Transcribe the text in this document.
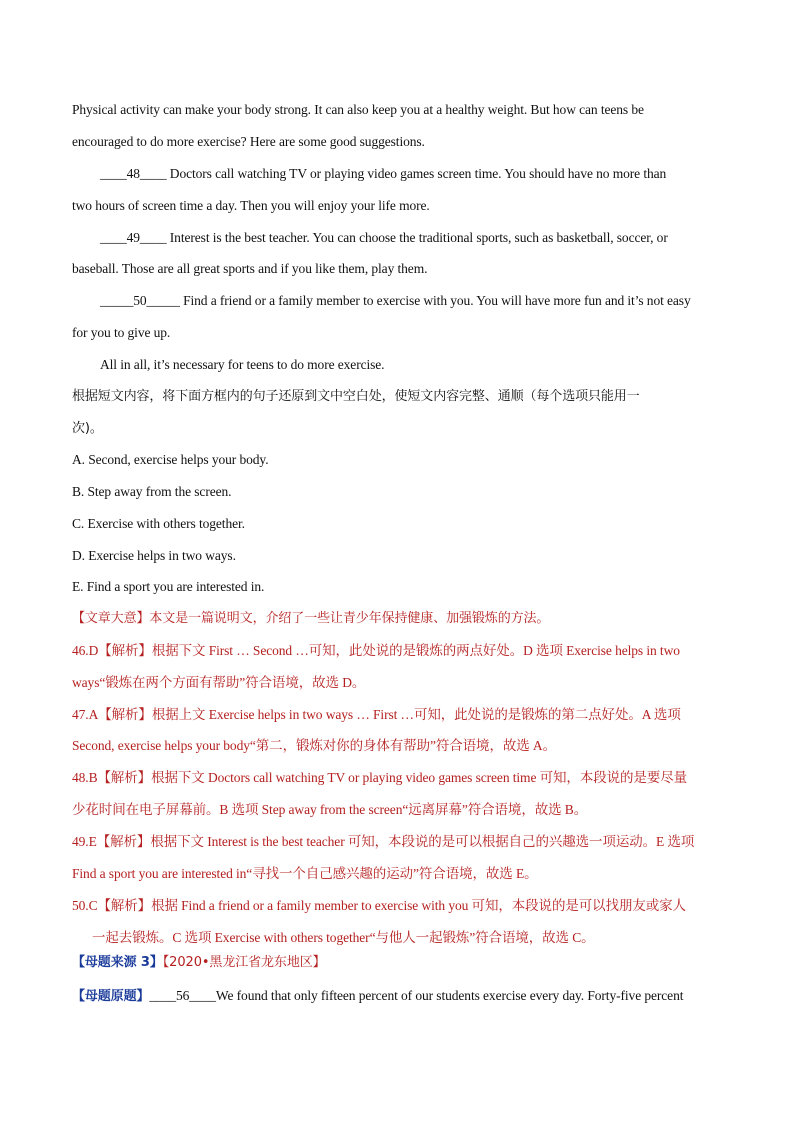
Physical activity can make your body strong. It can also keep you at a healthy weight. But how can teens be
encouraged to do more exercise? Here are some good suggestions.
____48____ Doctors call watching TV or playing video games screen time. You should have no more than
two hours of screen time a day. Then you will enjoy your life more.
____49____ Interest is the best teacher. You can choose the traditional sports, such as basketball, soccer, or
baseball. Those are all great sports and if you like them, play them.
_____50_____ Find a friend or a family member to exercise with you. You will have more fun and it’s not easy
for you to give up.
All in all, it’s necessary for teens to do more exercise.
根据短文内容，将下面方框内的句子还原到文中空白处，使短文内容完整、通顺（每个选项只能用一
次)。
A. Second, exercise helps your body.
B. Step away from the screen.
C. Exercise with others together.
D. Exercise helps in two ways.
E. Find a sport you are interested in.
【文章大意】本文是一篇说明文，介绍了一些让青少年保持健康、加强锻炼的方法。
46.D【解析】根据下文 First … Second …可知，此处说的是锻炼的两点好处。D 选项 Exercise helps in two
ways“锻炼在两个方面有帮助”符合语境，故选 D。
47.A【解析】根据上文 Exercise helps in two ways … First …可知，此处说的是锻炼的第二点好处。A 选项
Second, exercise helps your body“第二，锻炼对你的身体有帮助”符合语境，故选 A。
48.B【解析】根据下文 Doctors call watching TV or playing video games screen time 可知，本段说的是要尽量
少花时间在电子屏幕前。B 选项 Step away from the screen“远离屏幕”符合语境，故选 B。
49.E【解析】根据下文 Interest is the best teacher 可知，本段说的是可以根据自己的兴趣选一项运动。E 选项
Find a sport you are interested in“寻找一个自己感兴趣的运动”符合语境，故选 E。
50.C【解析】根据 Find a friend or a family member to exercise with you 可知，本段说的是可以找朋友或家人
一起去锻炼。C 选项 Exercise with others together“与他人一起锻炼”符合语境，故选 C。
【母题来源 3】【2020•黑龙江省龙东地区】
【母题原题】____56____We found that only fifteen percent of our students exercise every day. Forty-five percent
